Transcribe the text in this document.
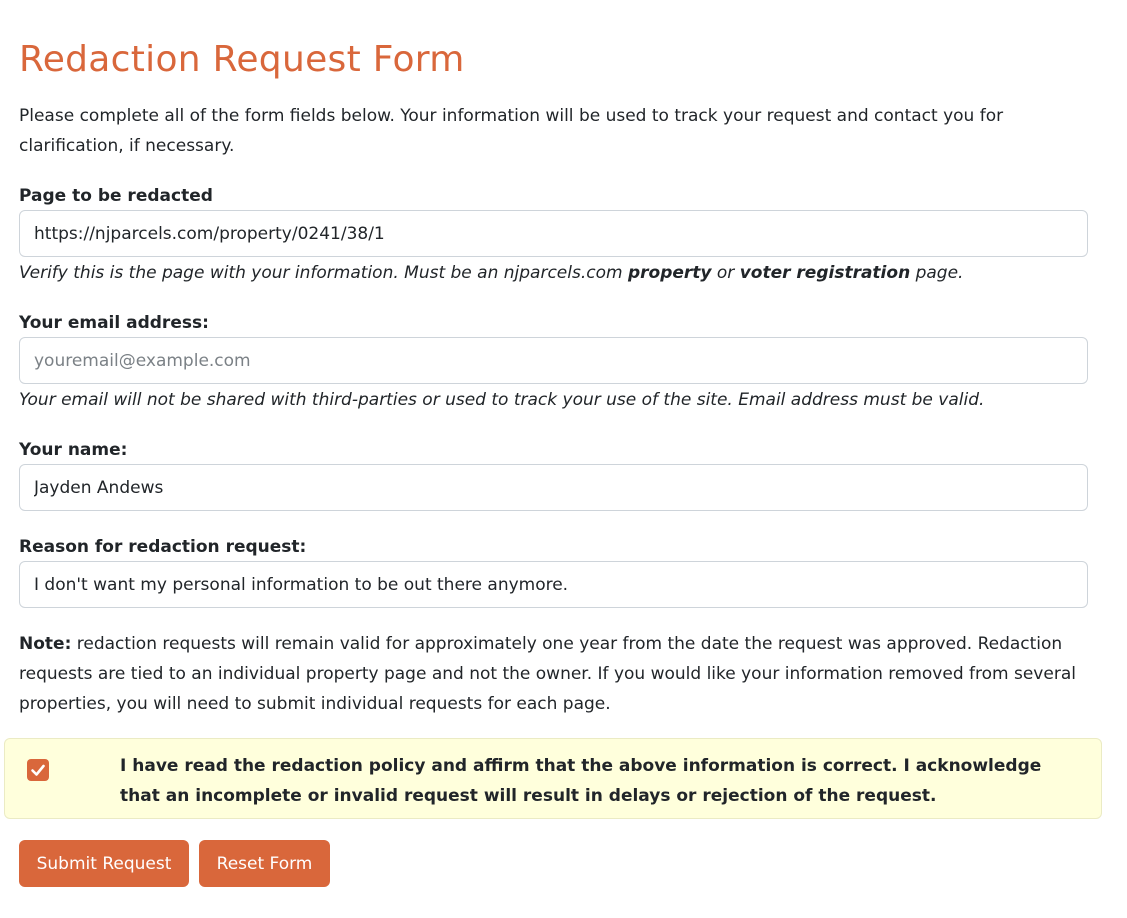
Redaction Request Form

Please complete all of the form fields below. Your information will be used to track your request and contact you for clarification, if necessary.

Page to be redacted
https://njparcels.com/property/0241/38/1

Verify this is the page with your information. Must be an njparcels.com property or voter registration page.

Your email address:
youremail@example.com

Your email will not be shared with third-parties or used to track your use of the site. Email address must be valid.

Your name:
Jayden Andews
Reason for redaction request:
I don't want my personal information to be out there anymore.

Note: redaction requests will remain valid for approximately one year from the date the request was approved. Redaction requests are tied to an individual property page and not the owner. If you would like your information removed from several properties, you will need to submit individual requests for each page.

I have read the redaction policy and affirm that the above information is correct. I acknowledge that an incomplete or invalid request will result in delays or rejection of the request.

Submit Request	Reset Form
